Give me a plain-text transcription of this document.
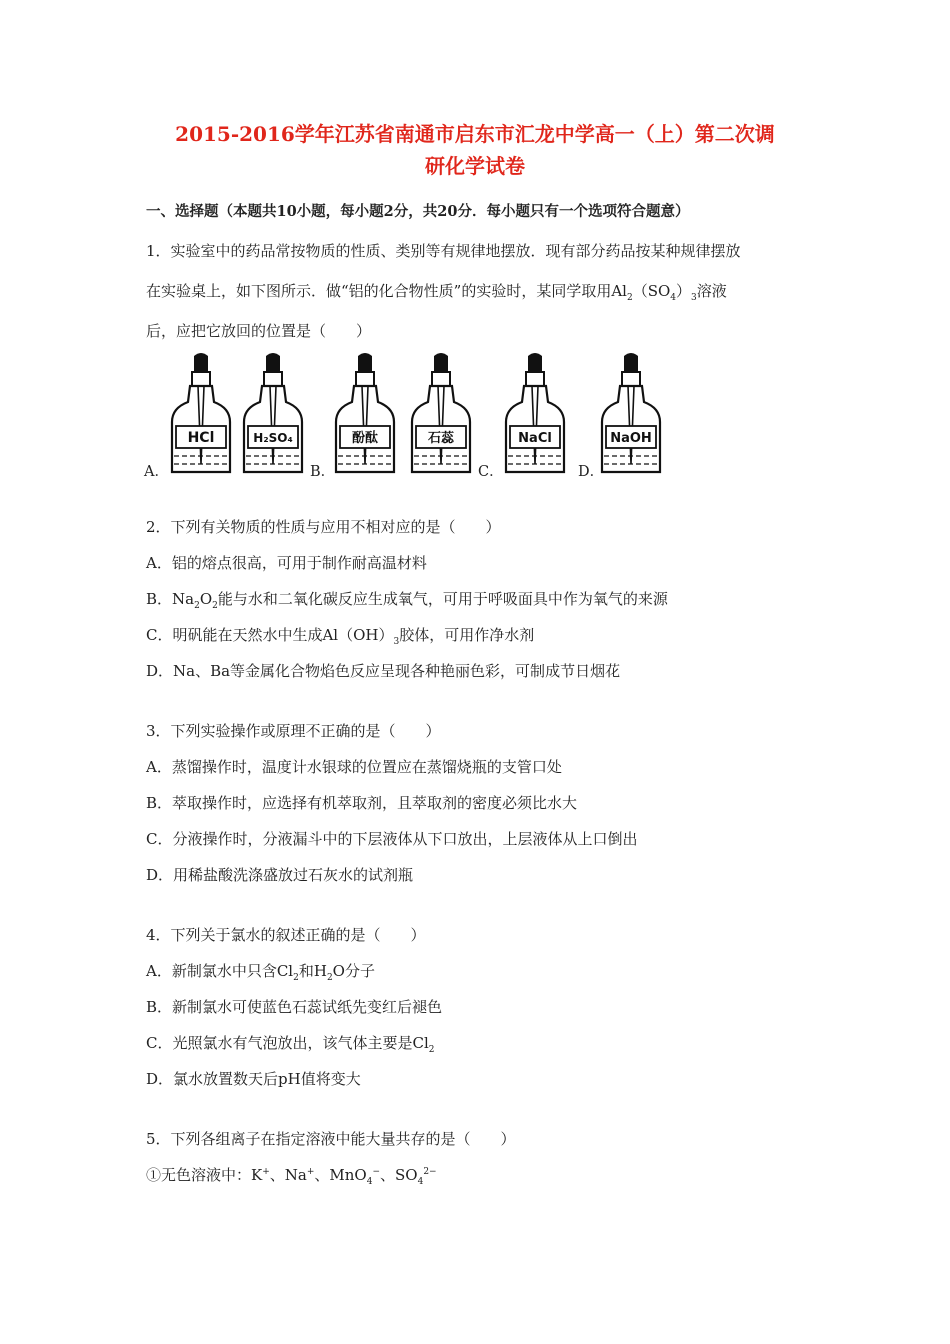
2015-2016学年江苏省南通市启东市汇龙中学高一（上）第二次调
研化学试卷
一、选择题（本题共10小题，每小题2分，共20分．每小题只有一个选项符合题意）
1．实验室中的药品常按物质的性质、类别等有规律地摆放．现有部分药品按某种规律摆放
在实验桌上，如下图所示．做“铝的化合物性质”的实验时，某同学取用$Al_2(SO_4)_3$溶液
后，应把它放回的位置是（　　）
A．	B．	C．	D．
HCl	H₂SO₄	酚酞	石蕊	NaCl	NaOH
2．下列有关物质的性质与应用不相对应的是（　　）
A．铝的熔点很高，可用于制作耐高温材料
B．$Na_2O_2$能与水和二氧化碳反应生成氧气，可用于呼吸面具中作为氧气的来源
C．明矾能在天然水中生成$Al(OH)_3$胶体，可用作净水剂
D．Na、Ba等金属化合物焰色反应呈现各种艳丽色彩，可制成节日烟花
3．下列实验操作或原理不正确的是（　　）
A．蒸馏操作时，温度计水银球的位置应在蒸馏烧瓶的支管口处
B．萃取操作时，应选择有机萃取剂，且萃取剂的密度必须比水大
C．分液操作时，分液漏斗中的下层液体从下口放出，上层液体从上口倒出
D．用稀盐酸洗涤盛放过石灰水的试剂瓶
4．下列关于氯水的叙述正确的是（　　）
A．新制氯水中只含$Cl_2$和$H_2O$分子
B．新制氯水可使蓝色石蕊试纸先变红后褪色
C．光照氯水有气泡放出，该气体主要是$Cl_2$
D．氯水放置数天后pH值将变大
5．下列各组离子在指定溶液中能大量共存的是（　　）
①无色溶液中：K+、Na+、MnO$_4$−、$SO_4^{2-}$
